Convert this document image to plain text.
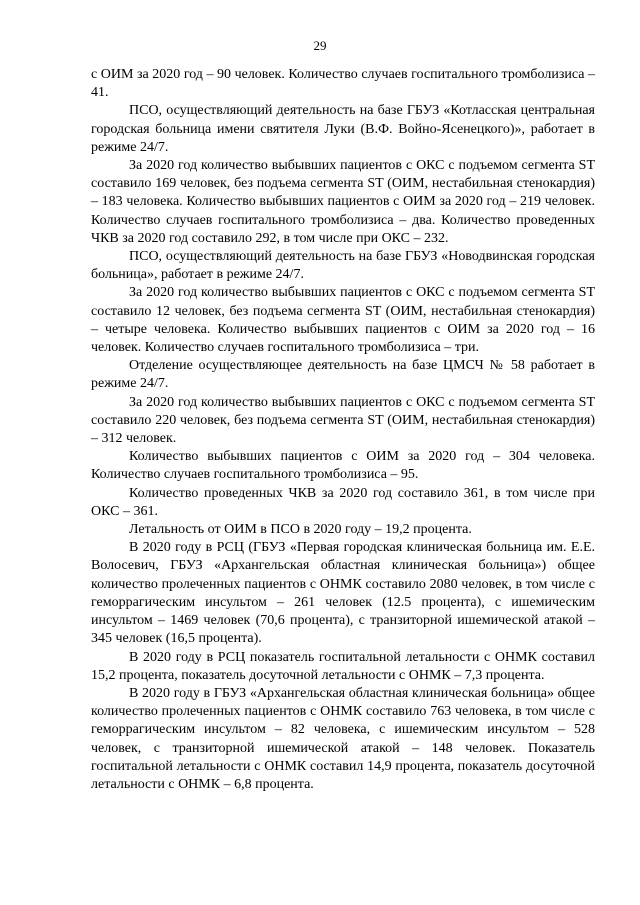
29

с ОИМ за 2020 год – 90 человек. Количество случаев госпитального тромболизиса – 41.

ПСО, осуществляющий деятельность на базе ГБУЗ «Котласская центральная городская больница имени святителя Луки (В.Ф. Войно-Ясенецкого)», работает в режиме 24/7.

За 2020 год количество выбывших пациентов с ОКС с подъемом сегмента ST составило 169 человек, без подъема сегмента ST (ОИМ, нестабильная стенокардия) – 183 человека. Количество выбывших пациентов с ОИМ за 2020 год – 219 человек. Количество случаев госпитального тромболизиса – два. Количество проведенных ЧКВ за 2020 год составило 292, в том числе при ОКС – 232.

ПСО, осуществляющий деятельность на базе ГБУЗ «Новодвинская городская больница», работает в режиме 24/7.

За 2020 год количество выбывших пациентов с ОКС с подъемом сегмента ST составило 12 человек, без подъема сегмента ST (ОИМ, нестабильная стенокардия) – четыре человека. Количество выбывших пациентов с ОИМ за 2020 год – 16 человек. Количество случаев госпитального тромболизиса – три.

Отделение осуществляющее деятельность на базе ЦМСЧ № 58 работает в режиме 24/7.

За 2020 год количество выбывших пациентов с ОКС с подъемом сегмента ST составило 220 человек, без подъема сегмента ST (ОИМ, нестабильная стенокардия) – 312 человек.

Количество выбывших пациентов с ОИМ за 2020 год – 304 человека. Количество случаев госпитального тромболизиса – 95.

Количество проведенных ЧКВ за 2020 год составило 361, в том числе при ОКС – 361.

Летальность от ОИМ в ПСО в 2020 году – 19,2 процента.

В 2020 году в РСЦ (ГБУЗ «Первая городская клиническая больница им. Е.Е. Волосевич, ГБУЗ «Архангельская областная клиническая больница») общее количество пролеченных пациентов с ОНМК составило 2080 человек, в том числе с геморрагическим инсультом – 261 человек (12.5 процента), с ишемическим инсультом – 1469 человек (70,6 процента), с транзиторной ишемической атакой – 345 человек (16,5 процента).

В 2020 году в РСЦ показатель госпитальной летальности с ОНМК составил 15,2 процента, показатель досуточной летальности с ОНМК – 7,3 процента.

В 2020 году в ГБУЗ «Архангельская областная клиническая больница» общее количество пролеченных пациентов с ОНМК составило 763 человека, в том числе с геморрагическим инсультом – 82 человека, с ишемическим инсультом – 528 человек, с транзиторной ишемической атакой – 148 человек. Показатель госпитальной летальности с ОНМК составил 14,9 процента, показатель досуточной летальности с ОНМК – 6,8 процента.
